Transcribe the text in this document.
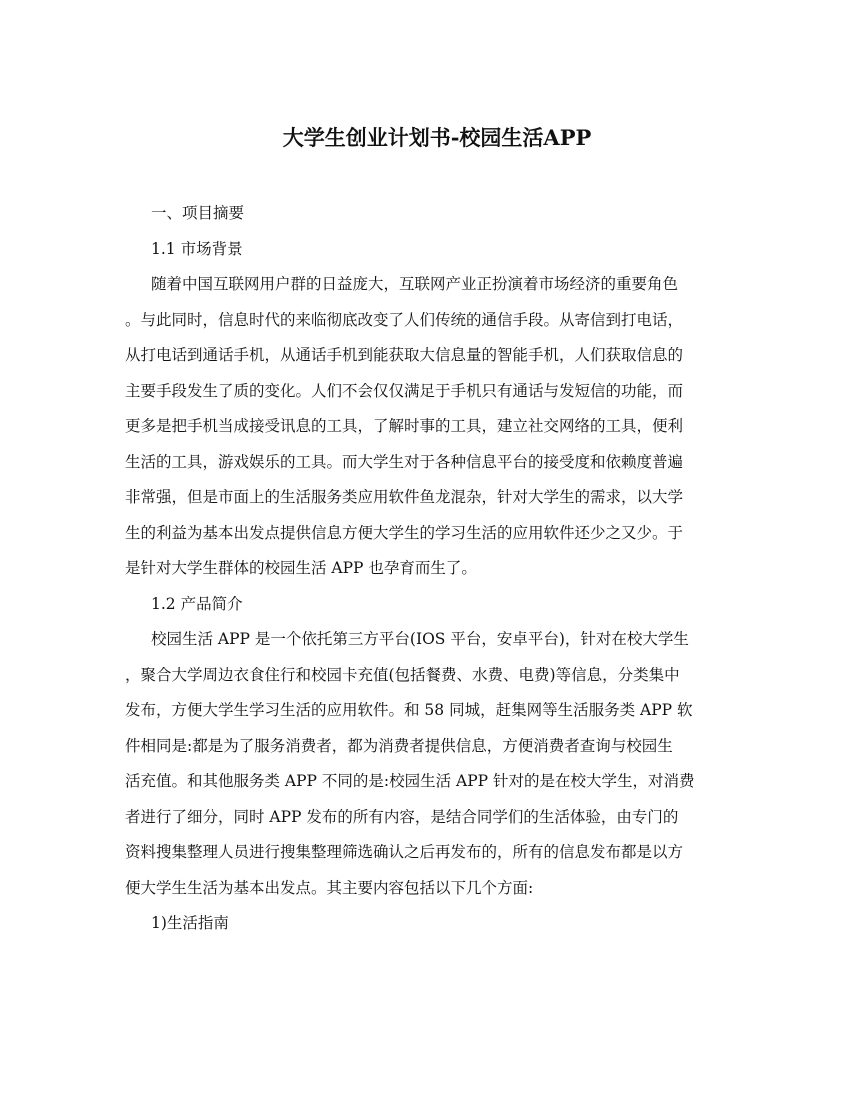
大学生创业计划书-校园生活APP

一、项目摘要

1.1 市场背景

随着中国互联网用户群的日益庞大，互联网产业正扮演着市场经济的重要角色

。与此同时，信息时代的来临彻底改变了人们传统的通信手段。从寄信到打电话，

从打电话到通话手机，从通话手机到能获取大信息量的智能手机，人们获取信息的

主要手段发生了质的变化。人们不会仅仅满足于手机只有通话与发短信的功能，而

更多是把手机当成接受讯息的工具，了解时事的工具，建立社交网络的工具，便利

生活的工具，游戏娱乐的工具。而大学生对于各种信息平台的接受度和依赖度普遍

非常强，但是市面上的生活服务类应用软件鱼龙混杂，针对大学生的需求，以大学

生的利益为基本出发点提供信息方便大学生的学习生活的应用软件还少之又少。于

是针对大学生群体的校园生活 APP 也孕育而生了。

1.2 产品简介

校园生活 APP 是一个依托第三方平台(IOS 平台，安卓平台)，针对在校大学生

，聚合大学周边衣食住行和校园卡充值(包括餐费、水费、电费)等信息，分类集中

发布，方便大学生学习生活的应用软件。和 58 同城，赶集网等生活服务类 APP 软

件相同是:都是为了服务消费者，都为消费者提供信息，方便消费者查询与校园生

活充值。和其他服务类 APP 不同的是:校园生活 APP 针对的是在校大学生，对消费

者进行了细分，同时 APP 发布的所有内容，是结合同学们的生活体验，由专门的

资料搜集整理人员进行搜集整理筛选确认之后再发布的，所有的信息发布都是以方

便大学生生活为基本出发点。其主要内容包括以下几个方面:

1)生活指南
